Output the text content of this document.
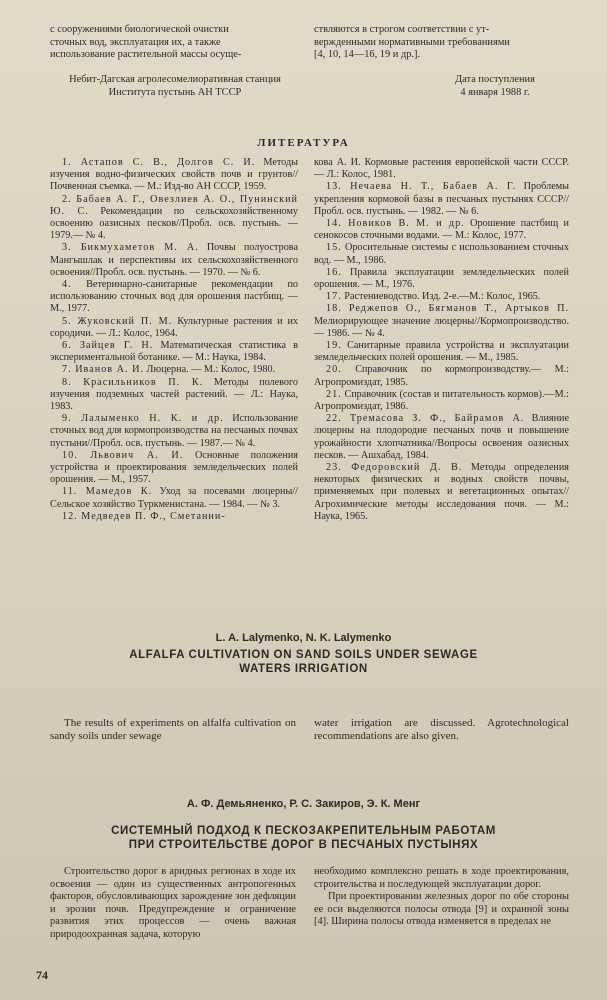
с сооружениями биологической очистки

сточных вод, эксплуатация их, а также

использование растительной массы осуще-

ствляются в строгом соответствии с ут-

вержденными нормативными требованиями

[4, 10, 14—16, 19 и др.].

Небит-Дагская агролесомелиоративная станция

Института пустынь АН ТССР

Дата поступления

4 января 1988 г.

ЛИТЕРАТУРА

1. Астапов С. В., Долгов С. И. Методы изучения водно-физических свойств почв и грунтов//Почвенная съемка. — М.: Изд-во АН СССР, 1959.

2. Бабаев А. Г., Овезлиев А. О., Пунинский Ю. С. Рекомендации по сельскохозяйственному освоению оазисных песков//Пробл. осв. пустынь. — 1979.— № 4.

3. Бикмухаметов М. А. Почвы полуострова Мангышлак и перспективы их сельскохозяйственного освоения//Пробл. осв. пустынь. — 1970. — № 6.

4. Ветеринарно-санитарные рекомендации по использованию сточных вод для орошения пастбищ. — М., 1977.

5. Жуковский П. М. Культурные растения и их сородичи. — Л.: Колос, 1964.

6. Зайцев Г. Н. Математическая статистика в экспериментальной ботанике. — М.: Наука, 1984.

7. Иванов А. И. Люцерна. — М.: Колос, 1980.

8. Красильников П. К. Методы полевого изучения подземных частей растений. — Л.: Наука, 1983.

9. Лалыменко Н. К. и др. Использование сточных вод для кормопроизводства на песчаных почвах пустыни//Пробл. осв. пустынь. — 1987.— № 4.

10. Львович А. И. Основные положения устройства и проектирования земледельческих полей орошения. — М., 1957.

11. Мамедов К. Уход за посевами люцерны//Сельское хозяйство Туркменистана. — 1984. — № 3.

12. Медведев П. Ф., Сметанни-

кова А. И. Кормовые растения европейской части СССР. — Л.: Колос, 1981.

13. Нечаева Н. Т., Бабаев А. Г. Проблемы укрепления кормовой базы в песчаных пустынях СССР//Пробл. осв. пустынь. — 1982. — № 6.

14. Новиков В. М. и др. Орошение пастбищ и сенокосов сточными водами. — М.: Колос, 1977.

15. Оросительные системы с использованием сточных вод. — М., 1986.

16. Правила эксплуатации земледельческих полей орошения. — М., 1976.

17. Растениеводство. Изд. 2-е.—М.: Колос, 1965.

18. Реджепов О., Бягманов Т., Артыков П. Мелиорирующее значение люцерны//Кормопроизводство. — 1986. — № 4.

19. Санитарные правила устройства и эксплуатации земледельческих полей орошения. — М., 1985.

20. Справочник по кормопроизводству.— М.: Агропромиздат, 1985.

21. Справочник (состав и питательность кормов).—М.: Агропромиздат, 1986.

22. Тремасова З. Ф., Байрамов А. Влияние люцерны на плодородие песчаных почв и повышение урожайности хлопчатника//Вопросы освоения оазисных песков. — Ашхабад, 1984.

23. Федоровский Д. В. Методы определения некоторых физических и водных свойств почвы, применяемых при полевых и вегетационных опытах//Агрохимические методы исследования почв. — М.: Наука, 1965.

L. A. Lalymenko, N. K. Lalymenko
ALFALFA CULTIVATION ON SAND SOILS UNDER SEWAGE
WATERS IRRIGATION

The results of experiments on alfalfa cultivation on sandy soils under sewage

water irrigation are discussed. Agrotechnological recommendations are also given.

А. Ф. Демьяненко, Р. С. Закиров, Э. К. Менг
СИСТЕМНЫЙ ПОДХОД К ПЕСКОЗАКРЕПИТЕЛЬНЫМ РАБОТАМ
ПРИ СТРОИТЕЛЬСТВЕ ДОРОГ В ПЕСЧАНЫХ ПУСТЫНЯХ

Строительство дорог в аридных регионах в ходе их освоения — один из существенных антропогенных факторов, обусловливающих зарождение зон дефляции и эрозии почв. Предупреждение и ограничение развития этих процессов — очень важная природоохранная задача, которую

необходимо комплексно решать в ходе проектирования, строительства и последующей эксплуатации дорог.

При проектировании железных дорог по обе стороны ее оси выделяются полосы отвода [9] и охранной зоны [4]. Ширина полосы отвода изменяется в пределах не

74
